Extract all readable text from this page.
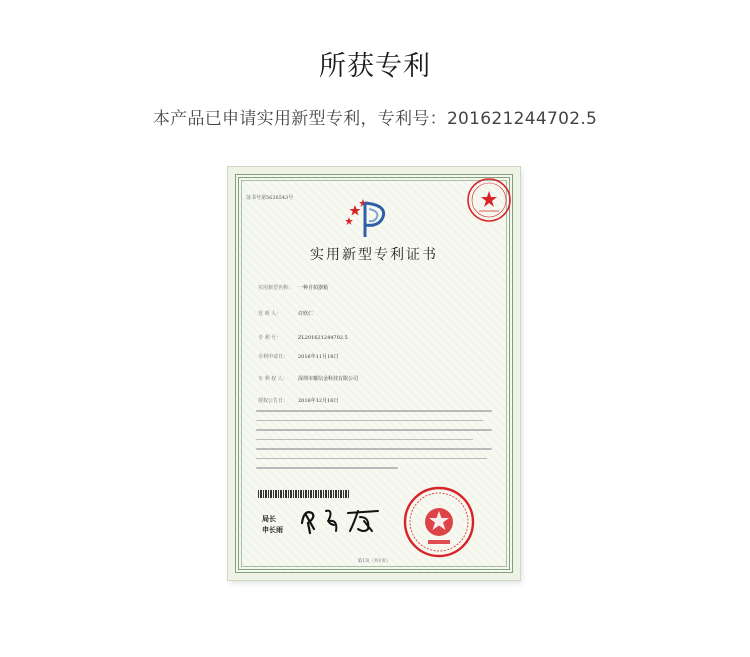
所获专利
本产品已申请实用新型专利，专利号：201621244702.5
证书号第5626543号
实用新型专利证书
实用新型名称： 一种自拍器箱
发 明 人：	许欣仁
专 利 号：	ZL201621244702.5
专利申请日： 2016年11月18日
专 利 权 人： 深圳市耀信金科技有限公司
授权公告日： 2016年12月16日
局长
申长雨
第1页（共1页）
